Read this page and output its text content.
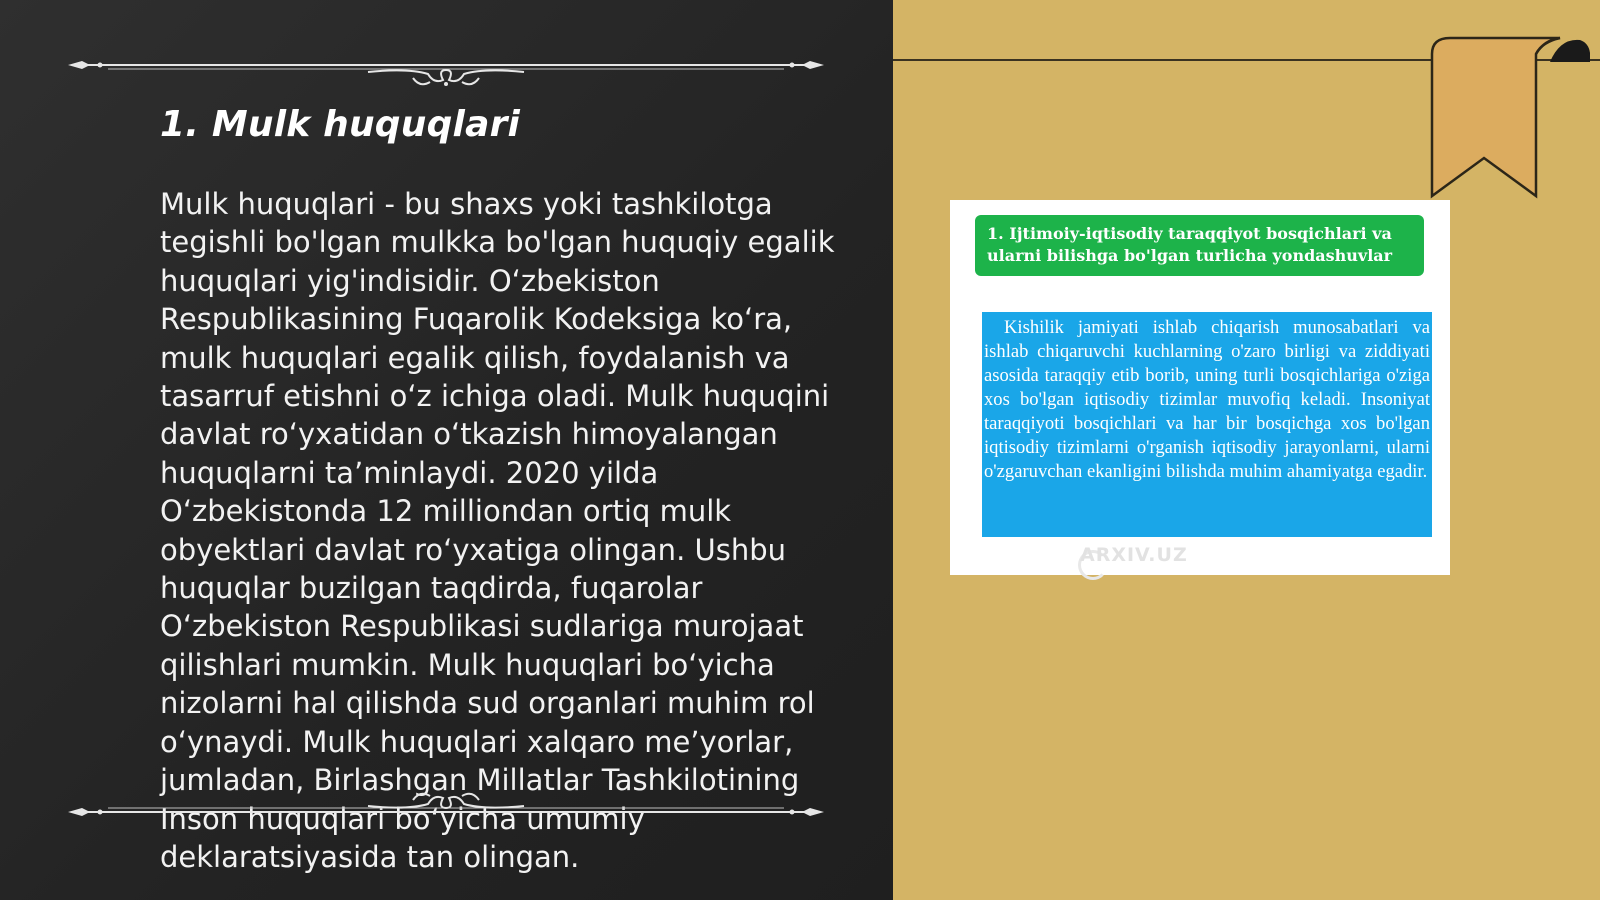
1. Mulk huquqlari

Mulk huquqlari - bu shaxs yoki tashkilotga tegishli bo'lgan mulkka bo'lgan huquqiy egalik huquqlari yig'indisidir. O‘zbekiston Respublikasining Fuqarolik Kodeksiga ko‘ra, mulk huquqlari egalik qilish, foydalanish va tasarruf etishni o‘z ichiga oladi. Mulk huquqini davlat ro‘yxatidan o‘tkazish himoyalangan huquqlarni ta’minlaydi. 2020 yilda O‘zbekistonda 12 milliondan ortiq mulk obyektlari davlat ro‘yxatiga olingan. Ushbu huquqlar buzilgan taqdirda, fuqarolar O‘zbekiston Respublikasi sudlariga murojaat qilishlari mumkin. Mulk huquqlari bo‘yicha nizolarni hal qilishda sud organlari muhim rol o‘ynaydi. Mulk huquqlari xalqaro me’yorlar, jumladan, Birlashgan Millatlar Tashkilotining Inson huquqlari bo‘yicha umumiy deklaratsiyasida tan olingan.

1. Ijtimoiy-iqtisodiy taraqqiyot bosqichlari va ularni bilishga bo'lgan turlicha yondashuvlar
Kishilik jamiyati ishlab chiqarish munosabatlari va ishlab chiqaruvchi kuchlarning o'zaro birligi va ziddiyati asosida taraqqiy etib borib, uning turli bosqichlariga o'ziga xos bo'lgan iqtisodiy tizimlar muvofiq keladi. Insoniyat taraqqiyoti bosqichlari va har bir bosqichga xos bo'lgan iqtisodiy tizimlarni o'rganish iqtisodiy jarayonlarni, ularni o'zgaruvchan ekanligini bilishda muhim ahamiyatga egadir.
ARXIV.UZ
